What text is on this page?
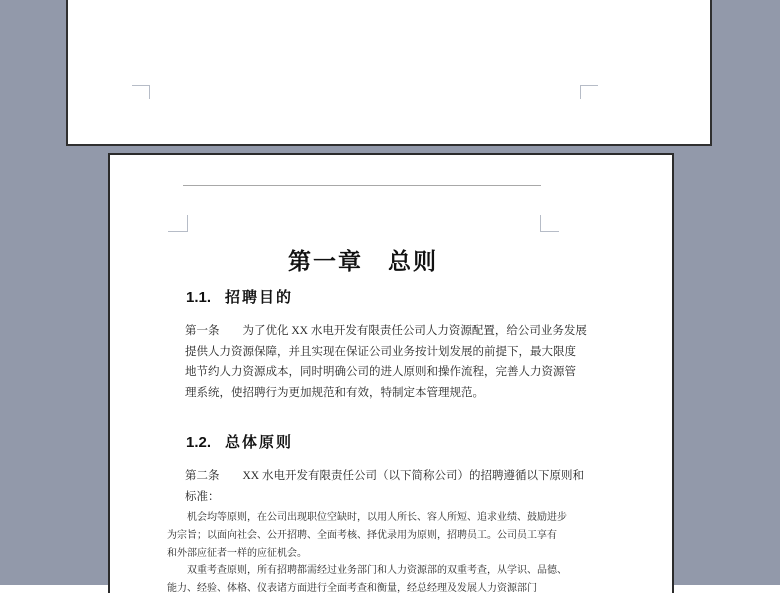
第一章　总则
1.1. 招聘目的
第一条　　为了优化 XX 水电开发有限责任公司人力资源配置，给公司业务发展
提供人力资源保障，并且实现在保证公司业务按计划发展的前提下，最大限度
地节约人力资源成本，同时明确公司的进人原则和操作流程，完善人力资源管
理系统，使招聘行为更加规范和有效，特制定本管理规范。
1.2. 总体原则
第二条　　XX 水电开发有限责任公司（以下简称公司）的招聘遵循以下原则和
标准：
　　机会均等原则，在公司出现职位空缺时，以用人所长、容人所短、追求业绩、鼓励进步
为宗旨；以面向社会、公开招聘、全面考核、择优录用为原则，招聘员工。公司员工享有
和外部应征者一样的应征机会。
　　双重考查原则，所有招聘都需经过业务部门和人力资源部的双重考查，从学识、品德、
能力、经验、体格、仪表诸方面进行全面考查和衡量，经总经理及发展人力资源部门
